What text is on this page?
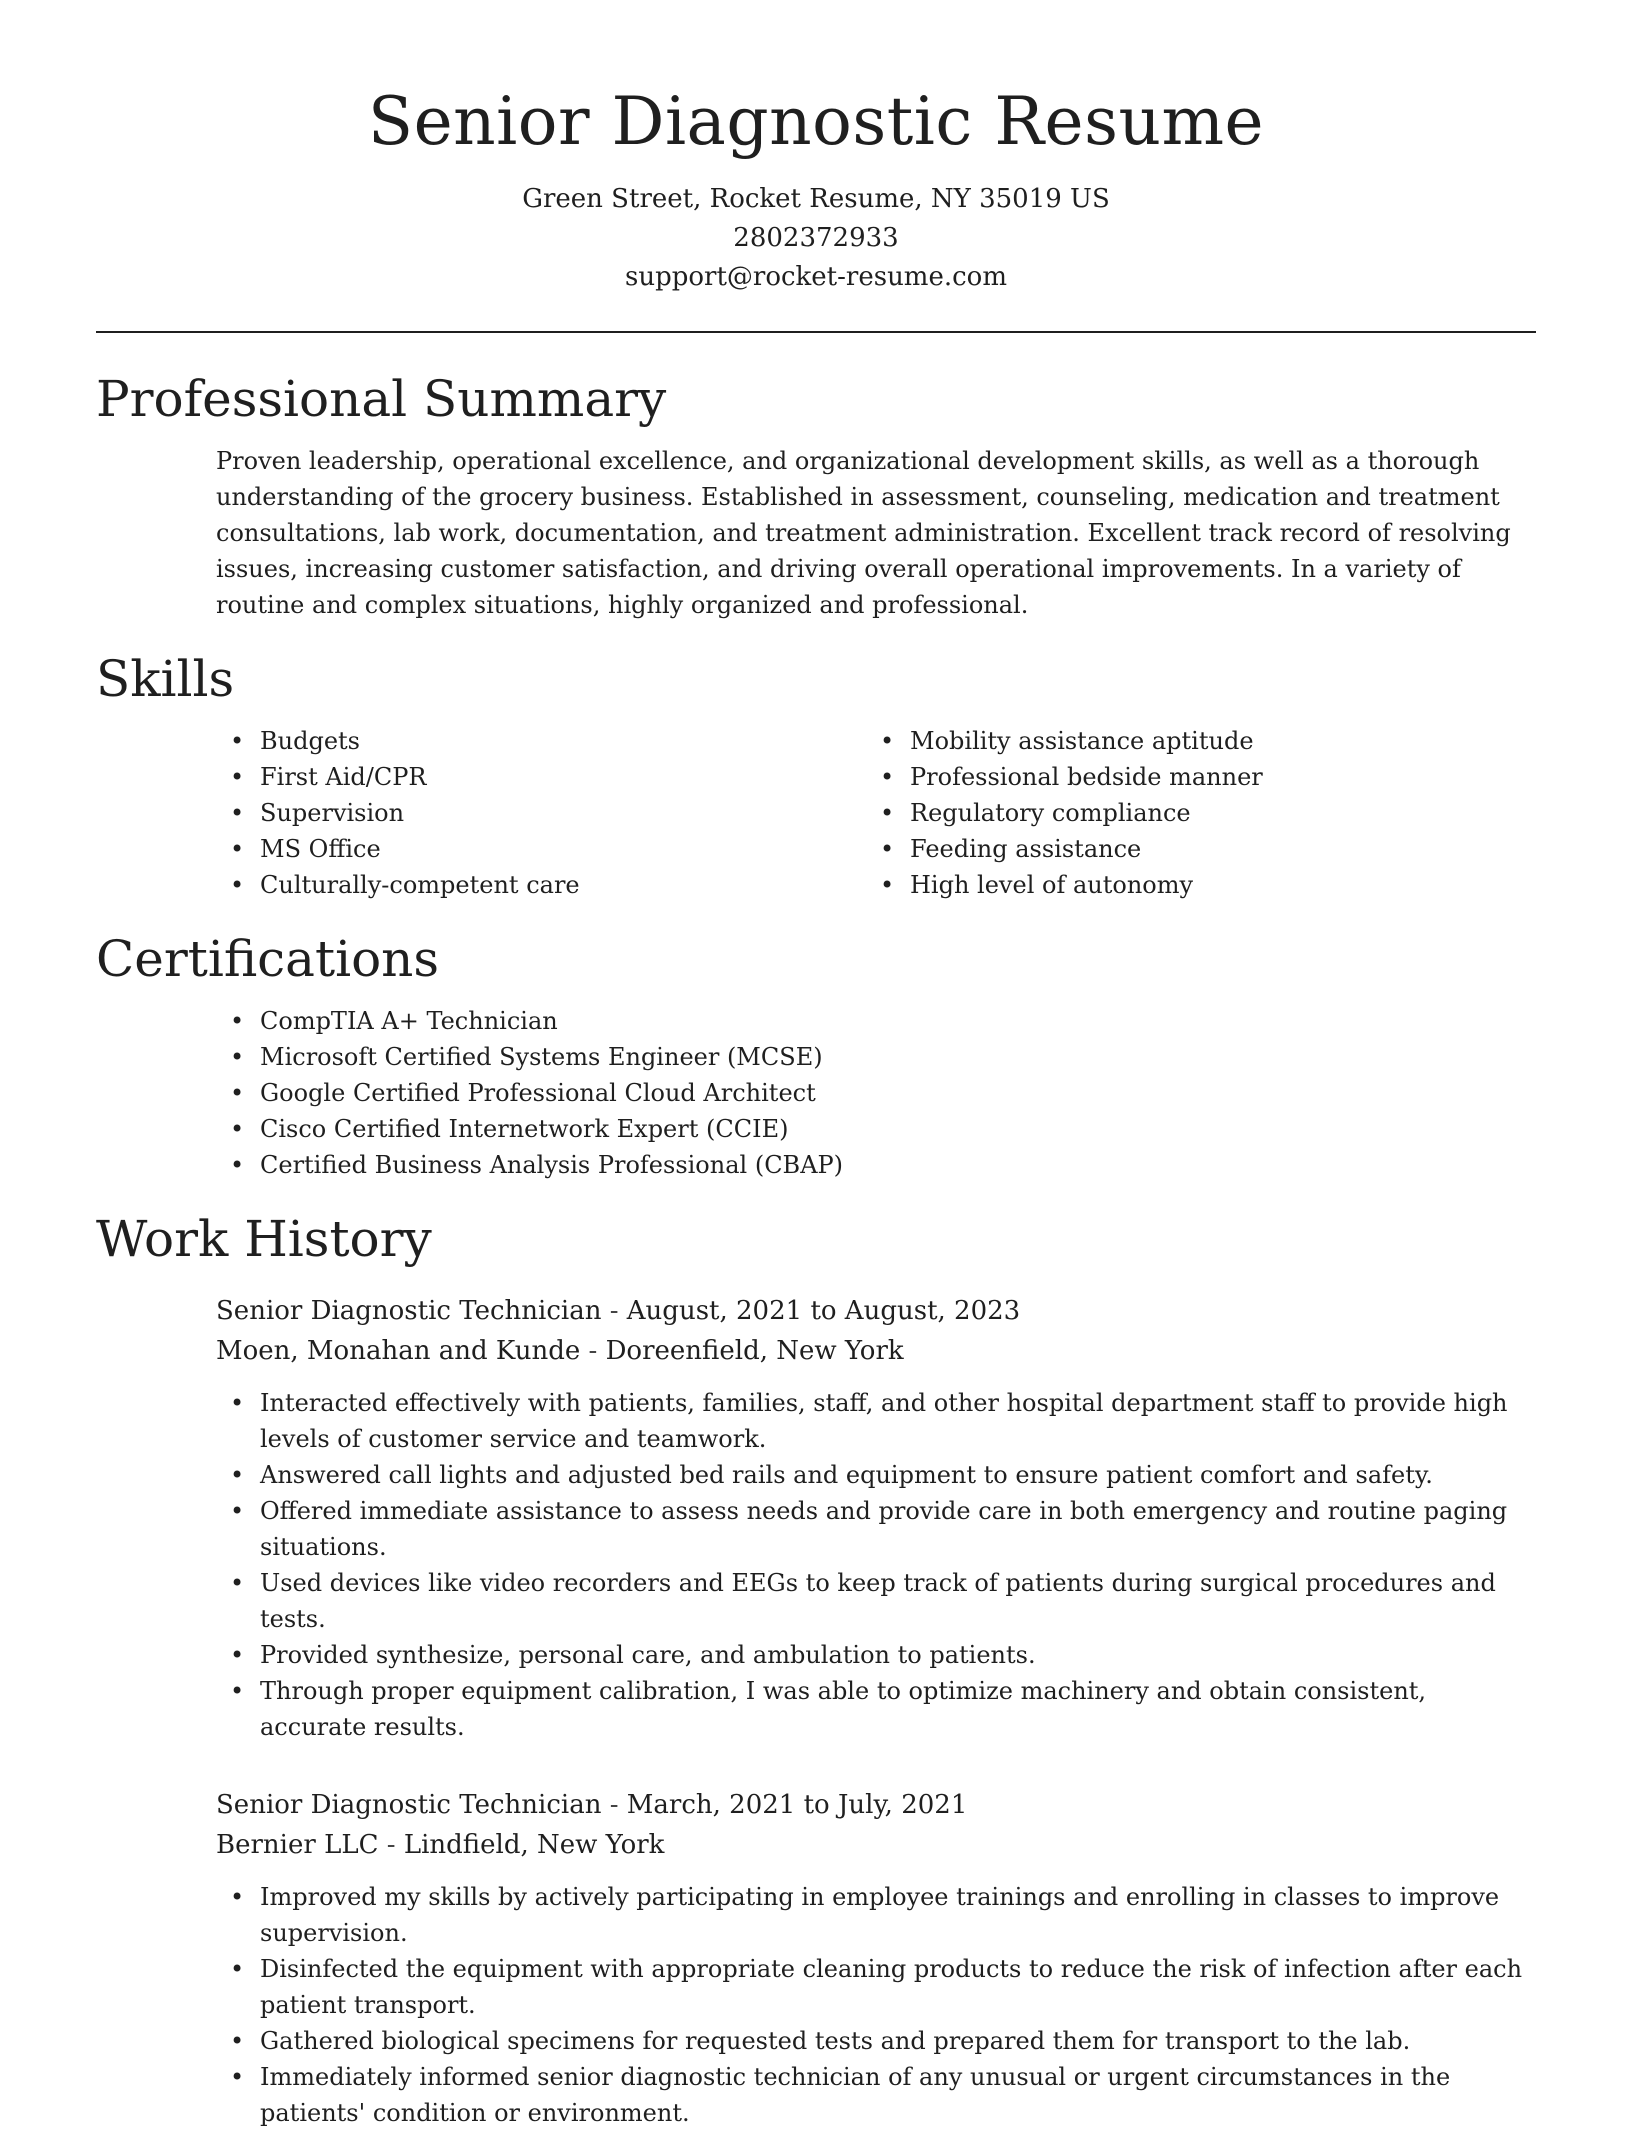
Senior Diagnostic Resume
Green Street, Rocket Resume, NY 35019 US
2802372933
support@rocket-resume.com
Professional Summary

Proven leadership, operational excellence, and organizational development skills, as well as a thorough understanding of the grocery business. Established in assessment, counseling, medication and treatment consultations, lab work, documentation, and treatment administration. Excellent track record of resolving issues, increasing customer satisfaction, and driving overall operational improvements. In a variety of routine and complex situations, highly organized and professional.

Skills
• Budgets
• First Aid/CPR
• Supervision
• MS Office
• Culturally-competent care
• Mobility assistance aptitude
• Professional bedside manner
• Regulatory compliance
• Feeding assistance
• High level of autonomy
Certifications
• CompTIA A+ Technician
• Microsoft Certified Systems Engineer (MCSE)
• Google Certified Professional Cloud Architect
• Cisco Certified Internetwork Expert (CCIE)
• Certified Business Analysis Professional (CBAP)
Work History
Senior Diagnostic Technician - August, 2021 to August, 2023
Moen, Monahan and Kunde - Doreenfield, New York
• Interacted effectively with patients, families, staff, and other hospital department staff to provide high levels of customer service and teamwork.
• Answered call lights and adjusted bed rails and equipment to ensure patient comfort and safety.
• Offered immediate assistance to assess needs and provide care in both emergency and routine paging situations.
• Used devices like video recorders and EEGs to keep track of patients during surgical procedures and tests.
• Provided synthesize, personal care, and ambulation to patients.
• Through proper equipment calibration, I was able to optimize machinery and obtain consistent, accurate results.
Senior Diagnostic Technician - March, 2021 to July, 2021
Bernier LLC - Lindfield, New York
• Improved my skills by actively participating in employee trainings and enrolling in classes to improve supervision.
• Disinfected the equipment with appropriate cleaning products to reduce the risk of infection after each patient transport.
• Gathered biological specimens for requested tests and prepared them for transport to the lab.
• Immediately informed senior diagnostic technician of any unusual or urgent circumstances in the patients' condition or environment.
